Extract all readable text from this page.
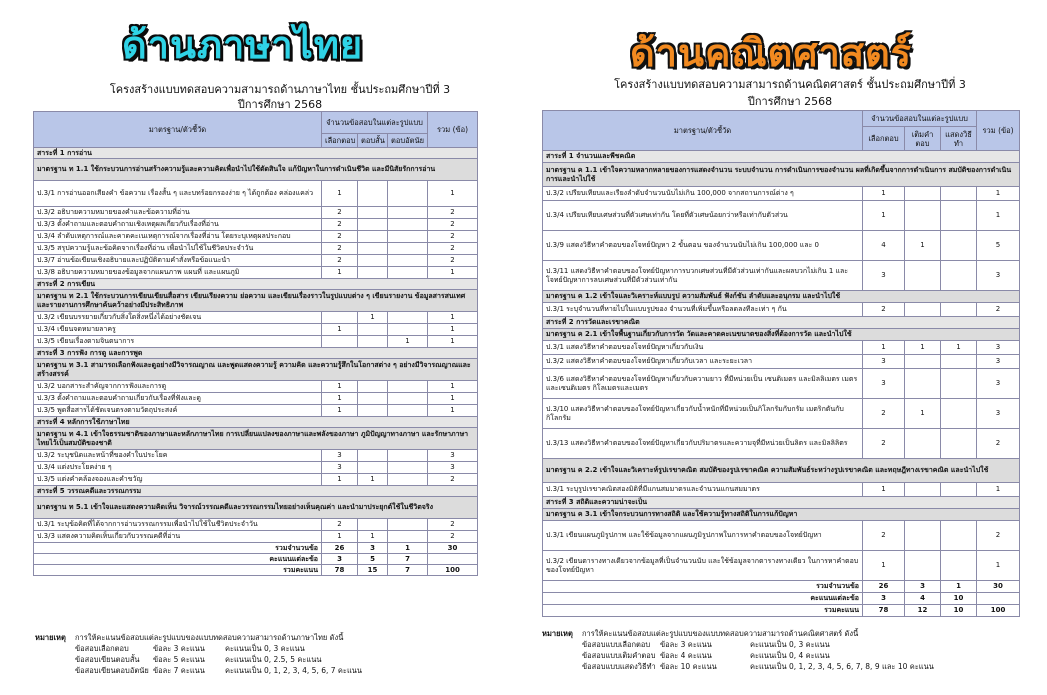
ด้านภาษาไทย
โครงสร้างแบบทดสอบความสามารถด้านภาษาไทย ชั้นประถมศึกษาปีที่ 3
ปีการศึกษา 2568
มาตรฐาน/ตัวชี้วัด	จำนวนข้อสอบในแต่ละรูปแบบ			รวม (ข้อ)
	เลือกตอบ	ตอบสั้น	ตอบอัตนัย	
สาระที่ 1 การอ่าน				
มาตรฐาน ท 1.1 ใช้กระบวนการอ่านสร้างความรู้และความคิดเพื่อนำไปใช้ตัดสินใจ แก้ปัญหาในการดำเนินชีวิต และมีนิสัยรักการอ่าน				
ป.3/1 การอ่านออกเสียงคำ ข้อความ เรื่องสั้น ๆ และบทร้อยกรองง่าย ๆ ได้ถูกต้อง คล่องแคล่ว	1			1
ป.3/2 อธิบายความหมายของคำและข้อความที่อ่าน	2			2
ป.3/3 ตั้งคำถามและตอบคำถามเชิงเหตุผลเกี่ยวกับเรื่องที่อ่าน	2			2
ป.3/4 ลำดับเหตุการณ์และคาดคะเนเหตุการณ์จากเรื่องที่อ่าน โดยระบุเหตุผลประกอบ	2			2
ป.3/5 สรุปความรู้และข้อคิดจากเรื่องที่อ่าน เพื่อนำไปใช้ในชีวิตประจำวัน	2			2
ป.3/7 อ่านข้อเขียนเชิงอธิบายและปฏิบัติตามคำสั่งหรือข้อแนะนำ	2			2
ป.3/8 อธิบายความหมายของข้อมูลจากแผนภาพ แผนที่ และแผนภูมิ	1			1
สาระที่ 2 การเขียน				
มาตรฐาน ท 2.1 ใช้กระบวนการเขียนเขียนสื่อสาร เขียนเรียงความ ย่อความ และเขียนเรื่องราวในรูปแบบต่าง ๆ เขียนรายงาน ข้อมูลสารสนเทศและรายงานการศึกษาค้นคว้าอย่างมีประสิทธิภาพ				
ป.3/2 เขียนบรรยายเกี่ยวกับสิ่งใดสิ่งหนึ่งได้อย่างชัดเจน		1		1
ป.3/4 เขียนจดหมายลาครู	1			1
ป.3/5 เขียนเรื่องตามจินตนาการ			1	1
สาระที่ 3 การฟัง การดู และการพูด				
มาตรฐาน ท 3.1 สามารถเลือกฟังและดูอย่างมีวิจารณญาณ และพูดแสดงความรู้ ความคิด และความรู้สึกในโอกาสต่าง ๆ อย่างมีวิจารณญาณและสร้างสรรค์				
ป.3/2 บอกสาระสำคัญจากการฟังและการดู	1			1
ป.3/3 ตั้งคำถามและตอบคำถามเกี่ยวกับเรื่องที่ฟังและดู	1			1
ป.3/5 พูดสื่อสารได้ชัดเจนตรงตามวัตถุประสงค์	1			1
สาระที่ 4 หลักการใช้ภาษาไทย				
มาตรฐาน ท 4.1 เข้าใจธรรมชาติของภาษาและหลักภาษาไทย การเปลี่ยนแปลงของภาษาและพลังของภาษา ภูมิปัญญาทางภาษา และรักษาภาษาไทยไว้เป็นสมบัติของชาติ				
ป.3/2 ระบุชนิดและหน้าที่ของคำในประโยค	3			3
ป.3/4 แต่งประโยคง่าย ๆ	3			3
ป.3/5 แต่งคำคล้องจองและคำขวัญ	1	1		2
สาระที่ 5 วรรณคดีและวรรณกรรม				
มาตรฐาน ท 5.1 เข้าใจและแสดงความคิดเห็น วิจารณ์วรรณคดีและวรรณกรรมไทยอย่างเห็นคุณค่า และนำมาประยุกต์ใช้ในชีวิตจริง				
ป.3/1 ระบุข้อคิดที่ได้จากการอ่านวรรณกรรมเพื่อนำไปใช้ในชีวิตประจำวัน	2			2
ป.3/3 แสดงความคิดเห็นเกี่ยวกับวรรณคดีที่อ่าน	1	1		2
รวมจำนวนข้อ	26	3	1	30
คะแนนแต่ละข้อ	3	5	7	
รวมคะแนน	78	15	7	100
หมายเหตุ การให้คะแนนข้อสอบแต่ละรูปแบบของแบบทดสอบความสามารถด้านภาษาไทย ดังนี้
ข้อสอบเลือกตอบ	ข้อละ 3 คะแนน	คะแนนเป็น 0, 3 คะแนน
ข้อสอบเขียนตอบสั้น ข้อละ 5 คะแนน	คะแนนเป็น 0, 2.5, 5 คะแนน
ข้อสอบเขียนตอบอัตนัย ข้อละ 7 คะแนน	คะแนนเป็น 0, 1, 2, 3, 4, 5, 6, 7 คะแนน
ด้านคณิตศาสตร์
โครงสร้างแบบทดสอบความสามารถด้านคณิตศาสตร์ ชั้นประถมศึกษาปีที่ 3
ปีการศึกษา 2568
มาตรฐาน/ตัวชี้วัด	จำนวนข้อสอบในแต่ละรูปแบบ			รวม (ข้อ)
	เลือกตอบ	เติมคำตอบ	แสดงวิธีทำ	
สาระที่ 1 จำนวนและพีชคณิต				
มาตรฐาน ค 1.1 เข้าใจความหลากหลายของการแสดงจำนวน ระบบจำนวน การดำเนินการของจำนวน ผลที่เกิดขึ้นจากการดำเนินการ สมบัติของการดำเนินการและนำไปใช้				
ป.3/2 เปรียบเทียบและเรียงลำดับจำนวนนับไม่เกิน 100,000 จากสถานการณ์ต่าง ๆ	1			1
ป.3/4 เปรียบเทียบเศษส่วนที่ตัวเศษเท่ากัน โดยที่ตัวเศษน้อยกว่าหรือเท่ากับตัวส่วน	1			1
ป.3/9 แสดงวิธีหาคำตอบของโจทย์ปัญหา 2 ขั้นตอน ของจำนวนนับไม่เกิน 100,000 และ 0	4	1		5
ป.3/11 แสดงวิธีหาคำตอบของโจทย์ปัญหาการบวกเศษส่วนที่มีตัวส่วนเท่ากันและผลบวกไม่เกิน 1 และโจทย์ปัญหาการลบเศษส่วนที่มีตัวส่วนเท่ากัน	3			3
มาตรฐาน ค 1.2 เข้าใจและวิเคราะห์แบบรูป ความสัมพันธ์ ฟังก์ชัน ลำดับและอนุกรม และนำไปใช้				
ป.3/1 ระบุจำนวนที่หายไปในแบบรูปของ จำนวนที่เพิ่มขึ้นหรือลดลงทีละเท่า ๆ กัน	2			2
สาระที่ 2 การวัดและเรขาคณิต				
มาตรฐาน ค 2.1 เข้าใจพื้นฐานเกี่ยวกับการวัด วัดและคาดคะเนขนาดของสิ่งที่ต้องการวัด และนำไปใช้				
ป.3/1 แสดงวิธีหาคำตอบของโจทย์ปัญหาเกี่ยวกับเงิน	1	1	1	3
ป.3/2 แสดงวิธีหาคำตอบของโจทย์ปัญหาเกี่ยวกับเวลา และระยะเวลา	3			3
ป.3/6 แสดงวิธีหาคำตอบของโจทย์ปัญหาเกี่ยวกับความยาว ที่มีหน่วยเป็น เซนติเมตร และมิลลิเมตร เมตรและเซนติเมตร กิโลเมตรและเมตร	3			3
ป.3/10 แสดงวิธีหาคำตอบของโจทย์ปัญหาเกี่ยวกับน้ำหนักที่มีหน่วยเป็นกิโลกรัมกับกรัม เมตริกตันกับกิโลกรัม	2	1		3
ป.3/13 แสดงวิธีหาคำตอบของโจทย์ปัญหาเกี่ยวกับปริมาตรและความจุที่มีหน่วยเป็นลิตร และมิลลิลิตร	2			2
มาตรฐาน ค 2.2 เข้าใจและวิเคราะห์รูปเรขาคณิต สมบัติของรูปเรขาคณิต ความสัมพันธ์ระหว่างรูปเรขาคณิต และทฤษฎีทางเรขาคณิต และนำไปใช้				
ป.3/1 ระบุรูปเรขาคณิตสองมิติที่มีแกนสมมาตรและจำนวนแกนสมมาตร	1			1
สาระที่ 3 สถิติและความน่าจะเป็น				
มาตรฐาน ค 3.1 เข้าใจกระบวนการทางสถิติ และใช้ความรู้ทางสถิติในการแก้ปัญหา				
ป.3/1 เขียนแผนภูมิรูปภาพ และใช้ข้อมูลจากแผนภูมิรูปภาพในการหาคำตอบของโจทย์ปัญหา	2			2
ป.3/2 เขียนตารางทางเดียวจากข้อมูลที่เป็นจำนวนนับ และใช้ข้อมูลจากตารางทางเดียว ในการหาคำตอบของโจทย์ปัญหา	1			1
รวมจำนวนข้อ	26	3	1	30
คะแนนแต่ละข้อ	3	4	10	
รวมคะแนน	78	12	10	100
หมายเหตุ การให้คะแนนข้อสอบแต่ละรูปแบบของแบบทดสอบความสามารถด้านคณิตศาสตร์ ดังนี้
ข้อสอบแบบเลือกตอบ ข้อละ 3 คะแนน	คะแนนเป็น 0, 3 คะแนน
ข้อสอบแบบเติมคำตอบ ข้อละ 4 คะแนน	คะแนนเป็น 0, 4 คะแนน
ข้อสอบแบบแสดงวิธีทำ ข้อละ 10 คะแนน	คะแนนเป็น 0, 1, 2, 3, 4, 5, 6, 7, 8, 9 และ 10 คะแนน
